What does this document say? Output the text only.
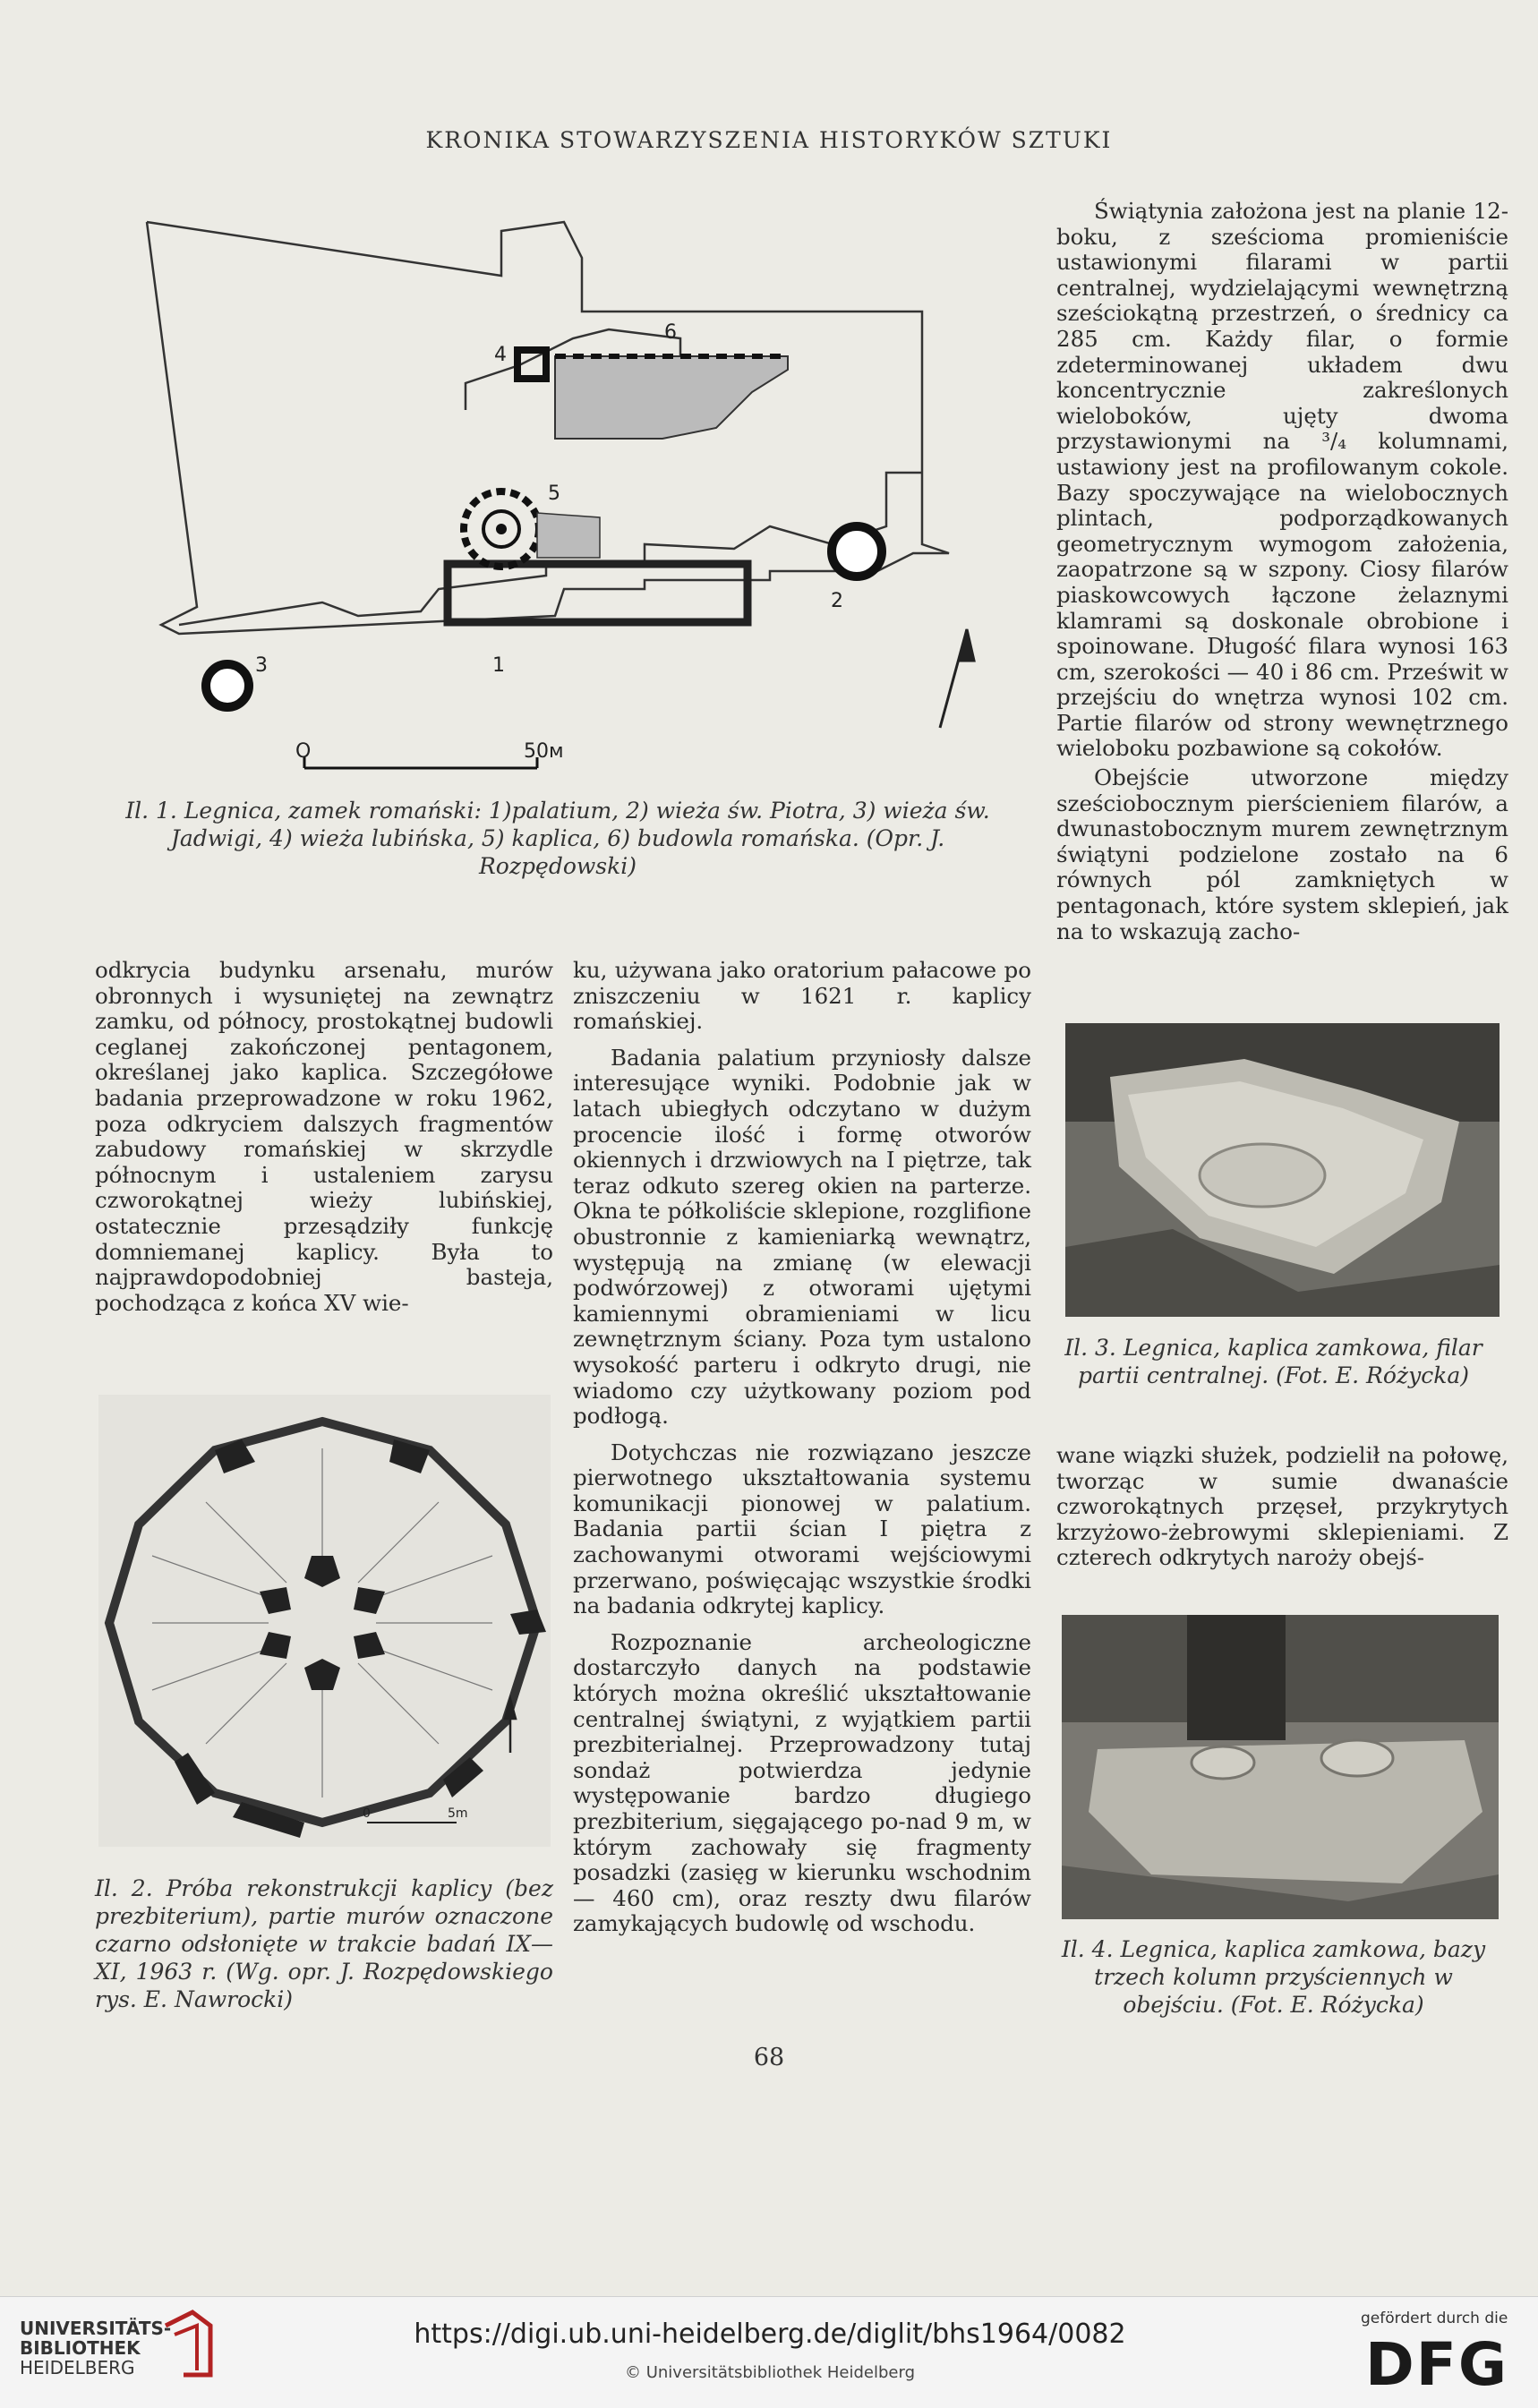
KRONIKA STOWARZYSZENIA HISTORYKÓW SZTUKI
1
2
3
4
5
6
O	50м
Il. 1. Legnica, zamek romański: 1)palatium, 2) wieża św. Piotra, 3) wieża św. Jadwigi, 4) wieża lubińska, 5) kaplica, 6) budowla romańska. (Opr. J. Rozpędowski)

odkrycia budynku arsenału, murów obronnych i wysuniętej na zewnątrz zamku, od północy, prostokątnej budowli ceglanej zakończonej pentagonem, określanej jako kaplica. Szczegółowe badania przeprowadzone w roku 1962, poza odkryciem dalszych fragmentów zabudowy romańskiej w skrzydle północnym i ustaleniem zarysu czworokątnej wieży lubińskiej, ostatecznie przesądziły funkcję domniemanej kaplicy. Była to najprawdopodobniej basteja, pochodząca z końca XV wie-

0	5m
Il. 2. Próba rekonstrukcji kaplicy (bez prezbiterium), partie murów oznaczone czarno odsłonięte w trakcie badań IX—XI, 1963 r. (Wg. opr. J. Rozpędowskiego rys. E. Nawrocki)

ku, używana jako oratorium pałacowe po zniszczeniu w 1621 r. kaplicy romańskiej.

Badania palatium przyniosły dalsze interesujące wyniki. Podobnie jak w latach ubiegłych odczytano w dużym procencie ilość i formę otworów okiennych i drzwiowych na I piętrze, tak teraz odkuto szereg okien na parterze. Okna te półkoliście sklepione, rozglifione obustronnie z kamieniarką wewnątrz, występują na zmianę (w elewacji podwórzowej) z otworami ujętymi kamiennymi obramieniami w licu zewnętrznym ściany. Poza tym ustalono wysokość parteru i odkryto drugi, nie wiadomo czy użytkowany poziom pod podłogą.

Dotychczas nie rozwiązano jeszcze pierwotnego ukształtowania systemu komunikacji pionowej w palatium. Badania partii ścian I piętra z zachowanymi otworami wejściowymi przerwano, poświęcając wszystkie środki na badania odkrytej kaplicy.

Rozpoznanie archeologiczne dostarczyło danych na podstawie których można określić ukształtowanie centralnej świątyni, z wyjątkiem partii prezbiterialnej. Przeprowadzony tutaj sondaż potwierdza jedynie występowanie bardzo długiego prezbiterium, sięgającego po-nad 9 m, w którym zachowały się fragmenty posadzki (zasięg w kierunku wschodnim — 460 cm), oraz reszty dwu filarów zamykających budowlę od wschodu.

Świątynia założona jest na planie 12-boku, z sześcioma promieniście ustawionymi filarami w partii centralnej, wydzielającymi wewnętrzną sześciokątną przestrzeń, o średnicy ca 285 cm. Każdy filar, o formie zdeterminowanej układem dwu koncentrycznie zakreślonych wieloboków, ujęty dwoma przystawionymi na ³/₄ kolumnami, ustawiony jest na profilowanym cokole. Bazy spoczywające na wielobocznych plintach, podporządkowanych geometrycznym wymogom założenia, zaopatrzone są w szpony. Ciosy filarów piaskowcowych łączone żelaznymi klamrami są doskonale obrobione i spoinowane. Długość filara wynosi 163 cm, szerokości — 40 i 86 cm. Prześwit w przejściu do wnętrza wynosi 102 cm. Partie filarów od strony wewnętrznego wieloboku pozbawione są cokołów.

Obejście utworzone między sześciobocznym pierścieniem filarów, a dwunastobocznym murem zewnętrznym świątyni podzielone zostało na 6 równych pól zamkniętych w pentagonach, które system sklepień, jak na to wskazują zacho-

Il. 3. Legnica, kaplica zamkowa, filar partii centralnej. (Fot. E. Różycka)

wane wiązki służek, podzielił na połowę, tworząc w sumie dwanaście czworokątnych przęseł, przykrytych krzyżowo-żebrowymi sklepieniami. Z czterech odkrytych naroży obejś-

Il. 4. Legnica, kaplica zamkowa, bazy trzech kolumn przyściennych w obejściu. (Fot. E. Różycka)
68
UNIVERSITÄTS-
BIBLIOTHEK
HEIDELBERG
https://digi.ub.uni-heidelberg.de/diglit/bhs1964/0082
© Universitätsbibliothek Heidelberg
gefördert durch die
DFG
